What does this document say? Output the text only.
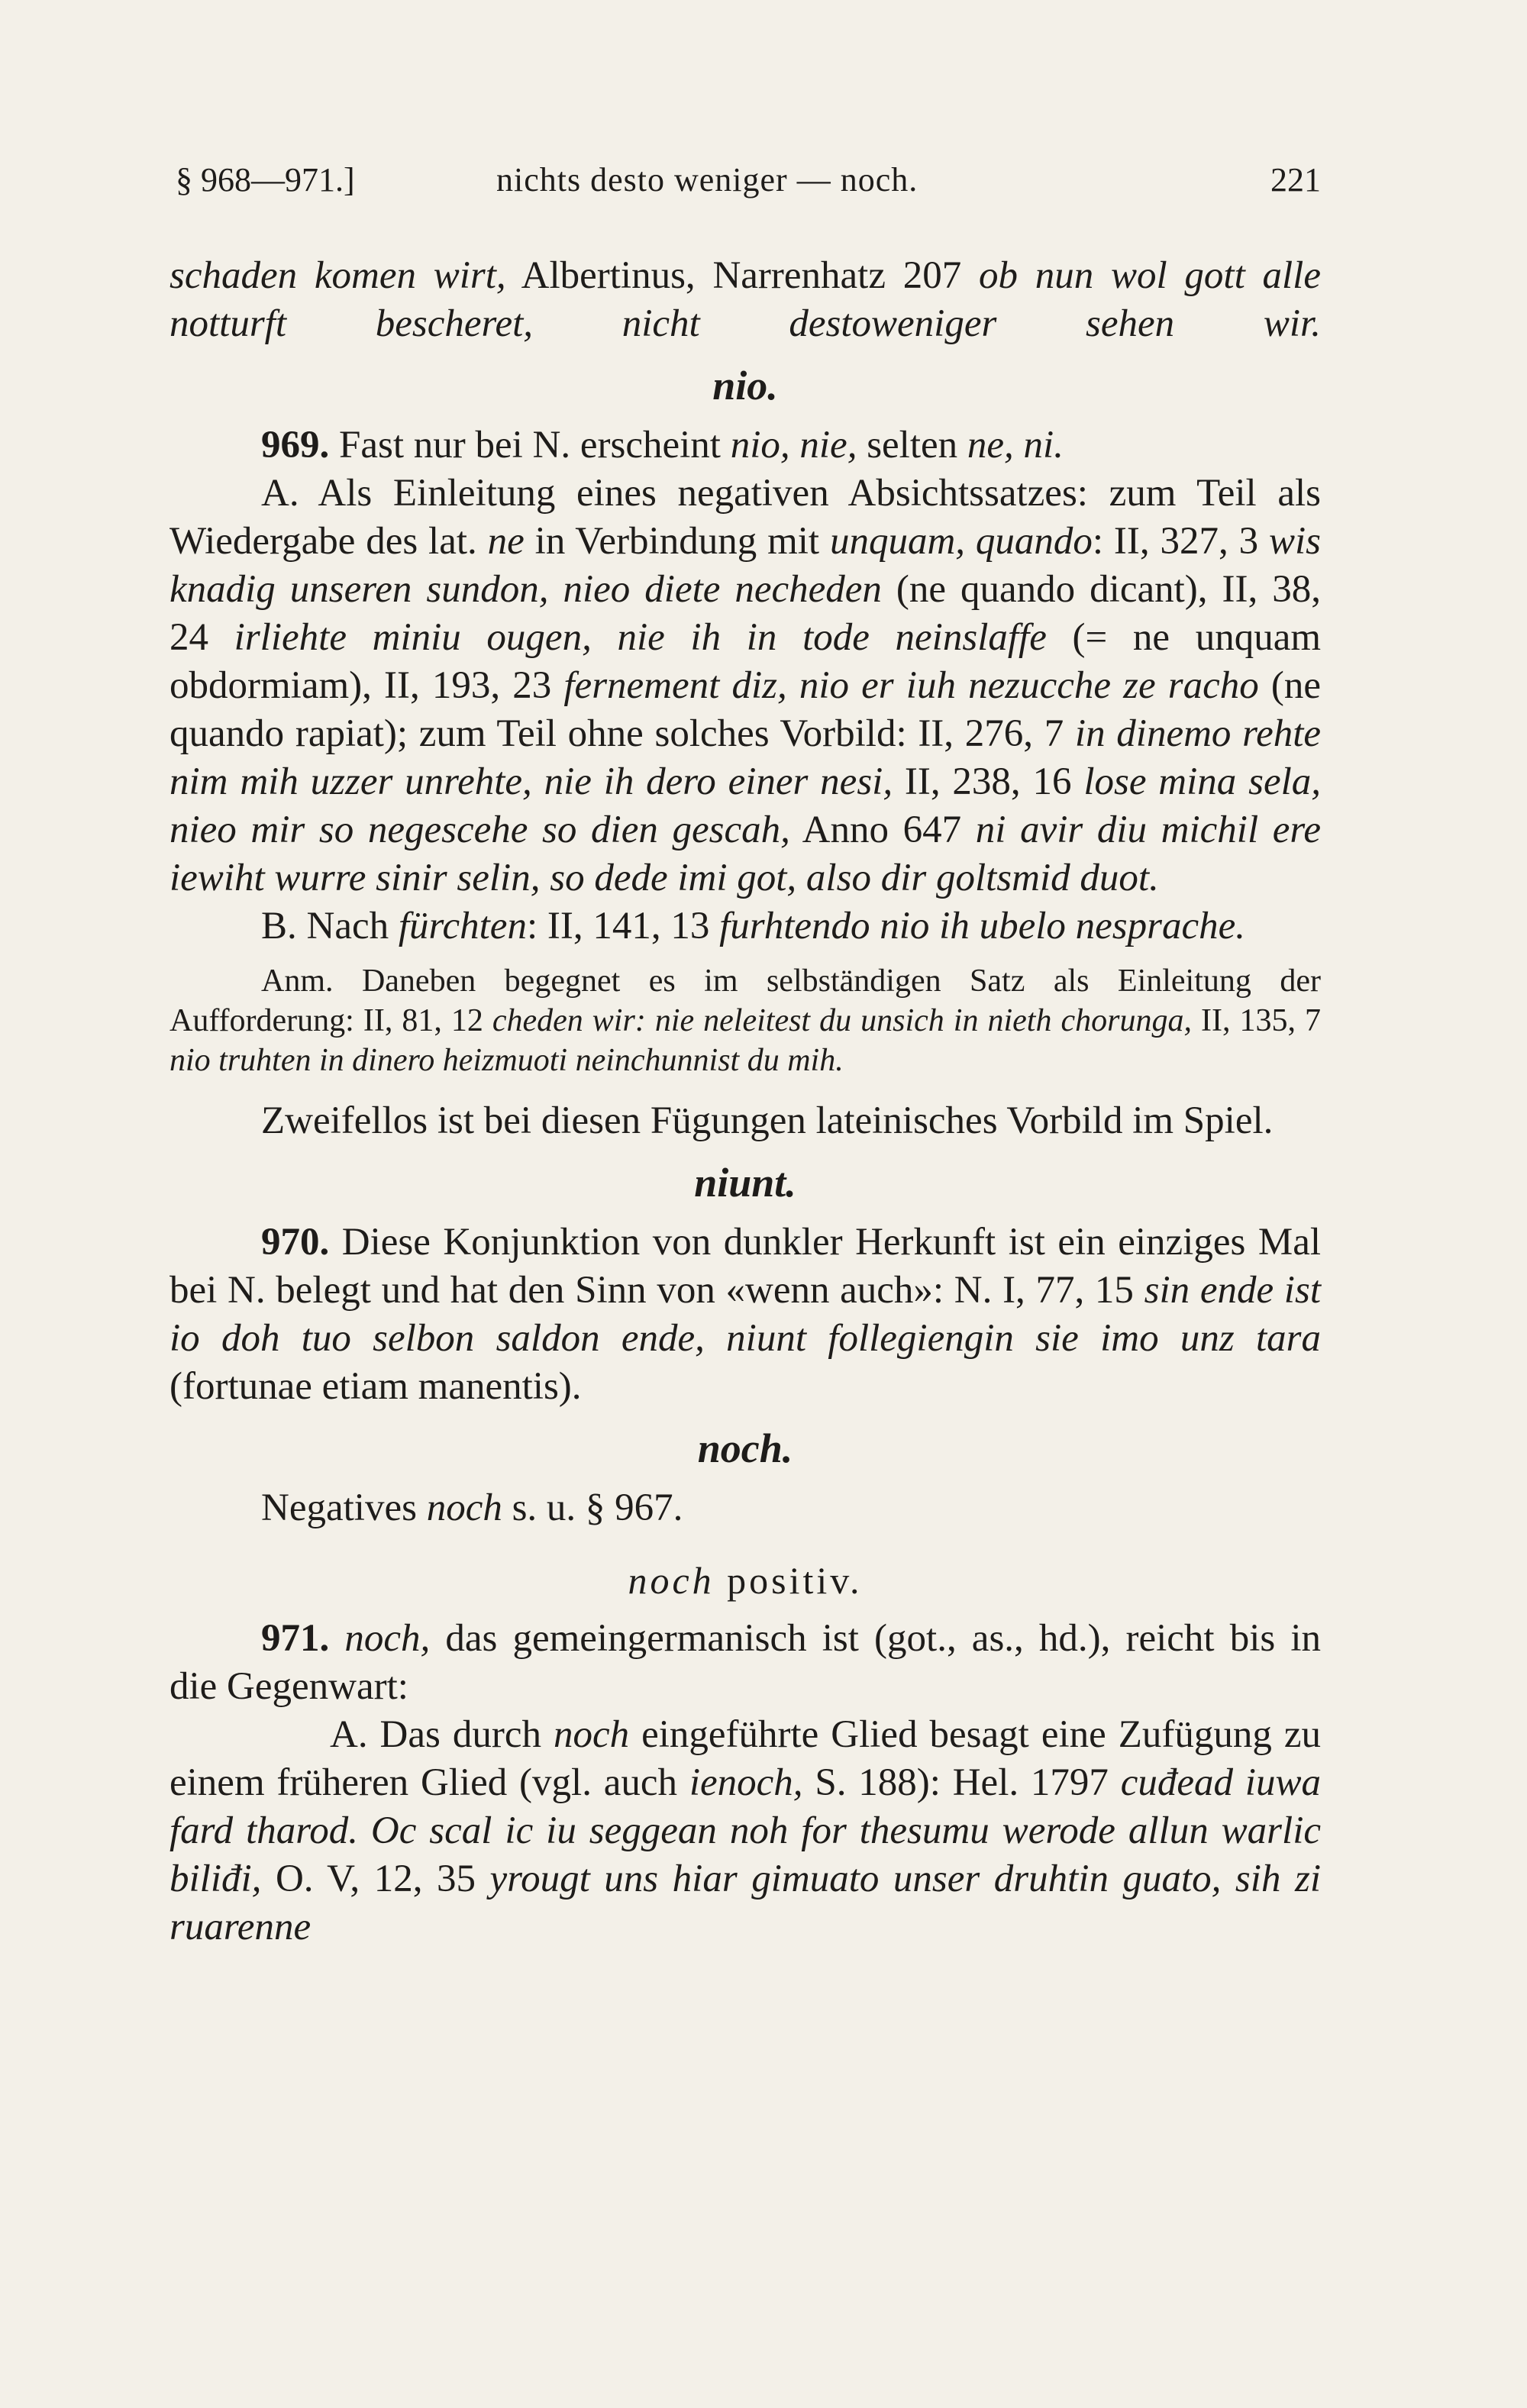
§ 968—971.]	nichts desto weniger — noch.	221

schaden komen wirt, Albertinus, Narrenhatz 207 ob nun wol gott alle notturft bescheret, nicht destoweniger sehen wir.

nio.

969. Fast nur bei N. erscheint nio, nie, selten ne, ni.

A. Als Einleitung eines negativen Absichtssatzes: zum Teil als Wiedergabe des lat. ne in Verbindung mit unquam, quando: II, 327, 3 wis knadig unseren sundon, nieo diete necheden (ne quando dicant), II, 38, 24 irliehte miniu ougen, nie ih in tode neinslaffe (= ne unquam obdormiam), II, 193, 23 fernement diz, nio er iuh nezucche ze racho (ne quando rapiat); zum Teil ohne solches Vorbild: II, 276, 7 in dinemo rehte nim mih uzzer unrehte, nie ih dero einer nesi, II, 238, 16 lose mina sela, nieo mir so negescehe so dien gescah, Anno 647 ni avir diu michil ere iewiht wurre sinir selin, so dede imi got, also dir goltsmid duot.

B. Nach fürchten: II, 141, 13 furhtendo nio ih ubelo nesprache.

Anm. Daneben begegnet es im selbständigen Satz als Einleitung der Aufforderung: II, 81, 12 cheden wir: nie neleitest du unsich in nieth chorunga, II, 135, 7 nio truhten in dinero heizmuoti neinchunnist du mih.

Zweifellos ist bei diesen Fügungen lateinisches Vorbild im Spiel.

niunt.

970. Diese Konjunktion von dunkler Herkunft ist ein einziges Mal bei N. belegt und hat den Sinn von «wenn auch»: N. I, 77, 15 sin ende ist io doh tuo selbon saldon ende, niunt follegiengin sie imo unz tara (fortunae etiam manentis).

noch.

Negatives noch s. u. § 967.

noch positiv.

971. noch, das gemeingermanisch ist (got., as., hd.), reicht bis in die Gegenwart:

A. Das durch noch eingeführte Glied besagt eine Zufügung zu einem früheren Glied (vgl. auch ienoch, S. 188): Hel. 1797 cuđead iuwa fard tharod. Oc scal ic iu seggean noh for thesumu werode allun warlic biliđi, O. V, 12, 35 yrougt uns hiar gimuato unser druhtin guato, sih zi ruarenne
